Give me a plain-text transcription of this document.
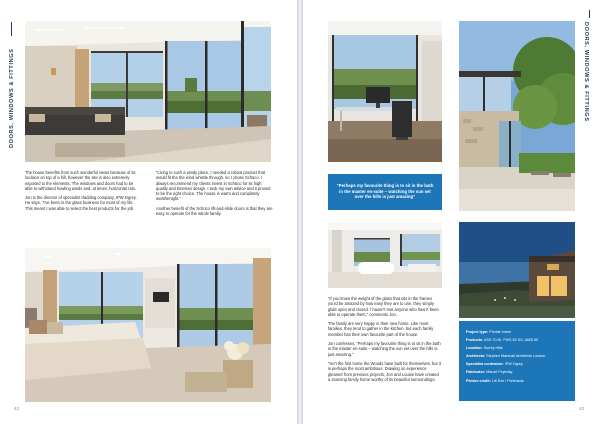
DOORS, WINDOWS & FITTINGS

The house benefits from such wonderful views because of its location on top of a hill, however the site is also extremely exposed to the elements. The windows and doors had to be able to withstand howling winds and, at times, horizontal rain.

Jon is the director of specialist cladding company, IPW Ogrey. He says, “I've been in the glass business for most of my life. This meant I was able to select the best products for the job.

“Living in such a windy place, I needed a robust product that would fit the the wind whistle through, so I chose Schüco. I always recommend my clients invest in Schüco for its high quality and timeless design. I took my own advice and it proved to be the right choice. The house is warm and completely weathertight.”

Another benefit of the Schüco lift-and-slide doors is that they are easy to operate for the whole family.

42
DOORS, WINDOWS & FITTINGS
“Perhaps my favourite thing is to sit in the bath in the master en-suite – watching the sun set over the hills is just amazing”

“If you know the weight of the glass that sits in the frames you'd be amazed by how easy they are to use, they simply glide open and closed. I haven't met anyone who hasn't been able to operate them,” comments Jon.

The family are very happy in their new home. Like most families, they tend to gather in the kitchen, but each family member has their own favourite part of the house.

Jon confesses, “Perhaps my favourite thing is to sit in the bath in the master en-suite – watching the sun set over the hills is just amazing.”

“Isn't the first home the Woods have built for themselves, but it is perhaps the most ambitious. Drawing on experience gleaned from previous projects, Jon and Louise have created a stunning family home worthy of its beautiful surroundings.

Project type: Private home
Products: ASS 70.HI, FWS 50 SG, AWS 60
Location: Surrey Hills
Architects: Stephen Marshall Architects London
Specialist contractor: IPW Ogrey
Fabricator: Marcel Feyeday
Picture credit: Lib Eve / Frintmaus
43
